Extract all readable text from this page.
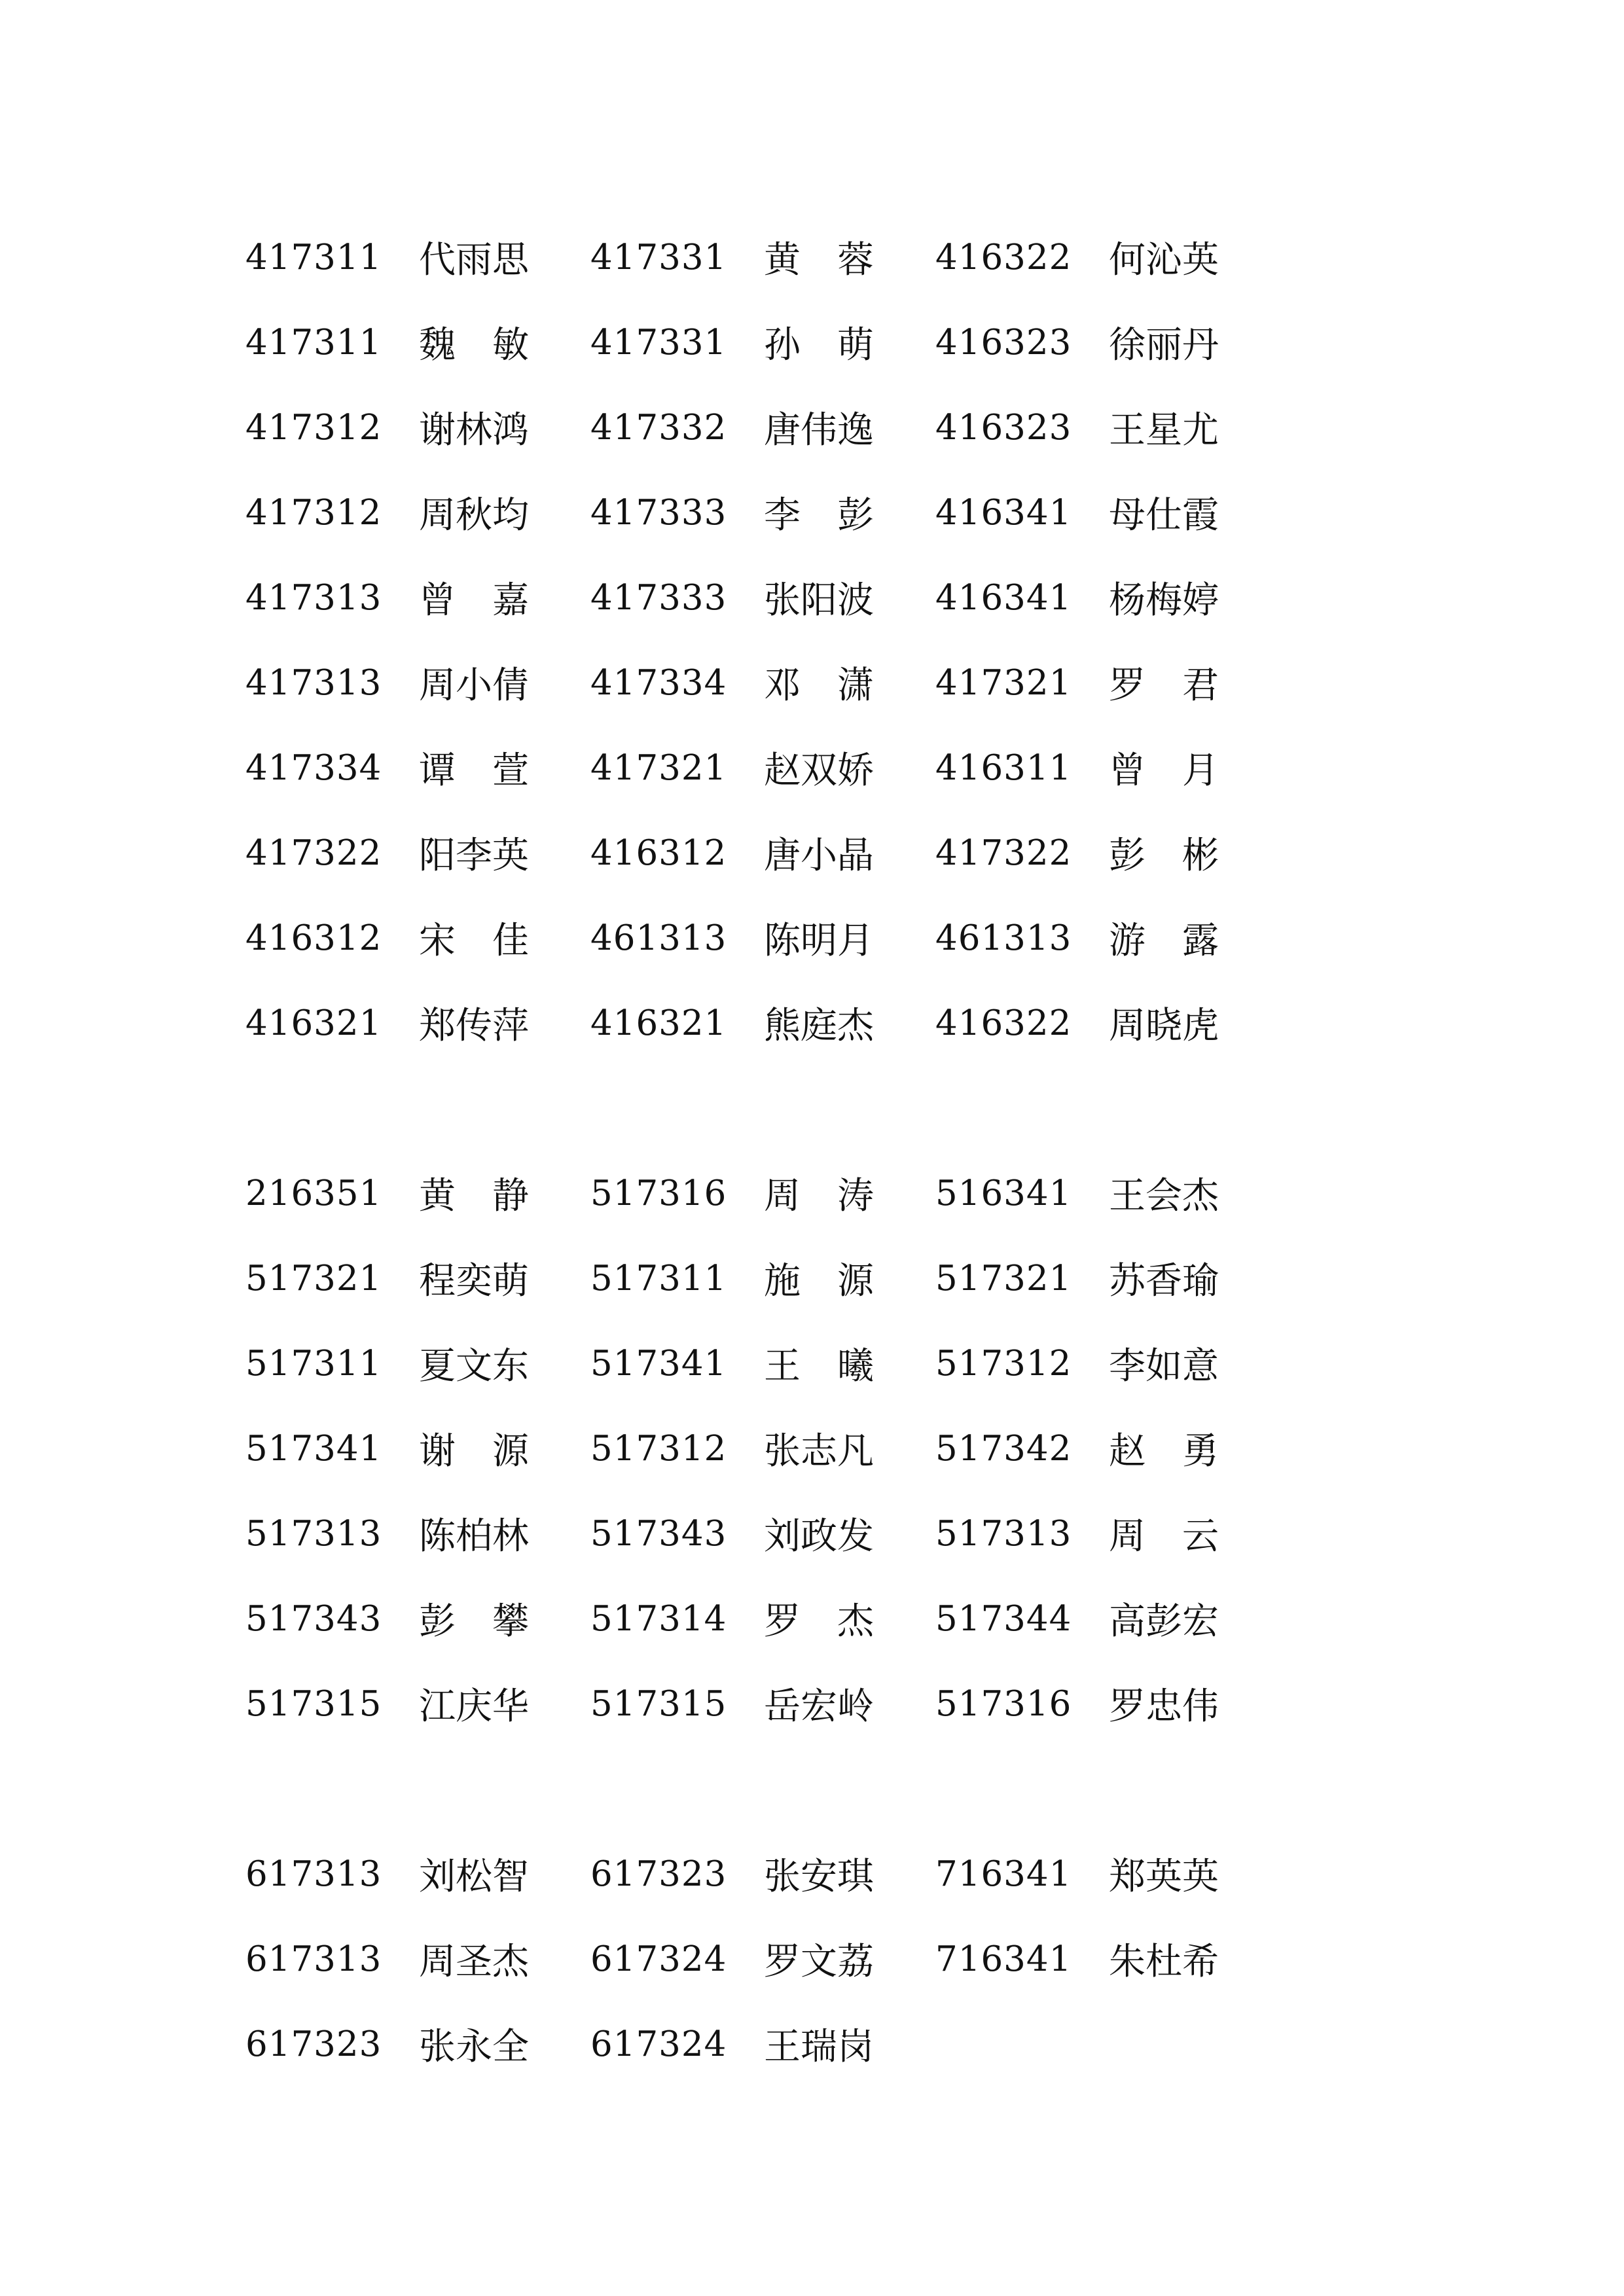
417311	代雨思	417331	黄　蓉	416322	何沁英
417311	魏　敏	417331	孙　萌	416323	徐丽丹
417312	谢林鸿	417332	唐伟逸	416323	王星尤
417312	周秋均	417333	李　彭	416341	母仕霞
417313	曾　嘉	417333	张阳波	416341	杨梅婷
417313	周小倩	417334	邓　潇	417321	罗　君
417334	谭　萱	417321	赵双娇	416311	曾　月
417322	阳李英	416312	唐小晶	417322	彭　彬
416312	宋　佳	461313	陈明月	461313	游　露
416321	郑传萍	416321	熊庭杰	416322	周晓虎
216351	黄　静	517316	周　涛	516341	王会杰
517321	程奕萌	517311	施　源	517321	苏香瑜
517311	夏文东	517341	王　曦	517312	李如意
517341	谢　源	517312	张志凡	517342	赵　勇
517313	陈柏林	517343	刘政发	517313	周　云
517343	彭　攀	517314	罗　杰	517344	高彭宏
517315	江庆华	517315	岳宏岭	517316	罗忠伟
617313	刘松智	617323	张安琪	716341	郑英英
617313	周圣杰	617324	罗文荔	716341	朱杜希
617323	张永全	617324	王瑞岗
